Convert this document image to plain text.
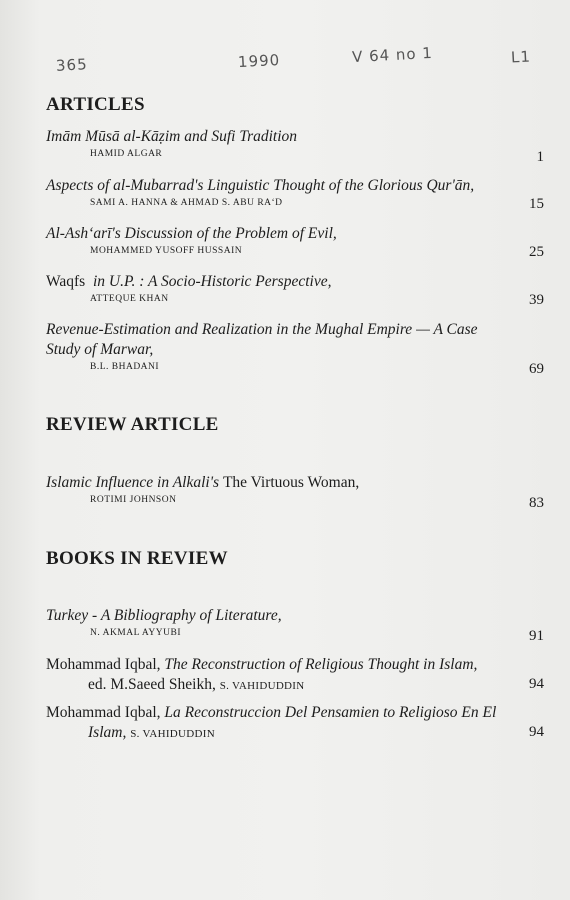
365	1990	V 64 no 1	L1
ARTICLES
Imām Mūsā al-Kāẓim and Sufi Tradition
HAMID ALGAR	1
Aspects of al-Mubarrad's Linguistic Thought of the Glorious Qur'ān,
SAMI A. HANNA & AHMAD S. ABU RA‘D	15
Al-Ash‘arī's Discussion of the Problem of Evil,
MOHAMMED YUSOFF HUSSAIN	25
Waqfs in U.P. : A Socio-Historic Perspective,
ATTEQUE KHAN	39
Revenue-Estimation and Realization in the Mughal Empire — A Case
Study of Marwar,
B.L. BHADANI	69
REVIEW ARTICLE
Islamic Influence in Alkali's The Virtuous Woman,
ROTIMI JOHNSON	83
BOOKS IN REVIEW
Turkey - A Bibliography of Literature,
N. AKMAL AYYUBI	91
Mohammad Iqbal, The Reconstruction of Religious Thought in Islam,
ed. M.Saeed Sheikh, S. VAHIDUDDIN	94
Mohammad Iqbal, La Reconstruccion Del Pensamien to Religioso En El
Islam, S. VAHIDUDDIN	94
